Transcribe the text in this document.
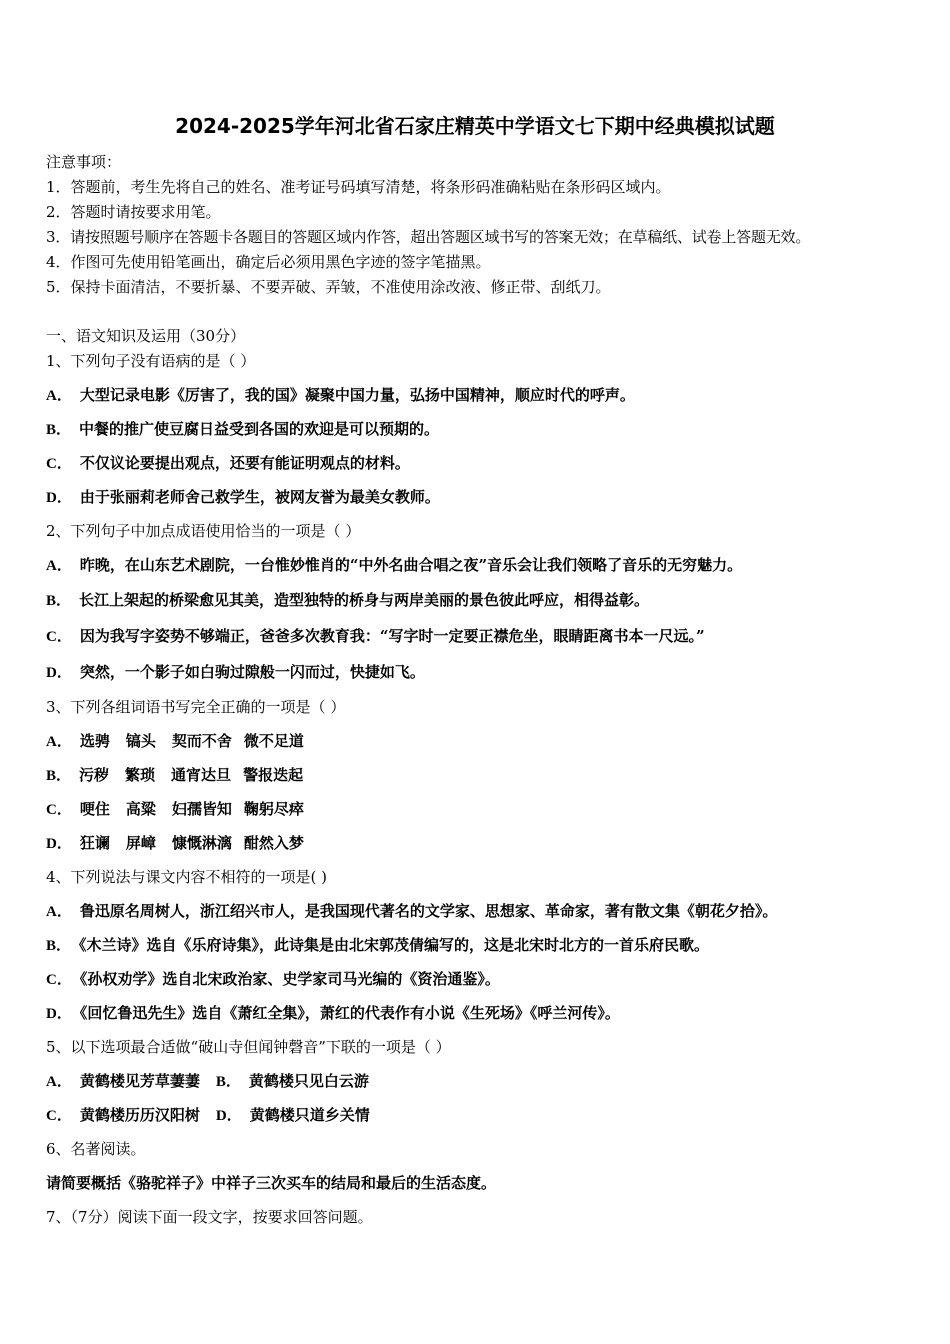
2024-2025学年河北省石家庄精英中学语文七下期中经典模拟试题
注意事项：
1．答题前，考生先将自己的姓名、准考证号码填写清楚，将条形码准确粘贴在条形码区域内。
2．答题时请按要求用笔。
3．请按照题号顺序在答题卡各题目的答题区域内作答，超出答题区域书写的答案无效；在草稿纸、试卷上答题无效。
4．作图可先使用铅笔画出，确定后必须用黑色字迹的签字笔描黑。
5．保持卡面清洁，不要折暴、不要弄破、弄皱，不准使用涂改液、修正带、刮纸刀。
一、语文知识及运用（30分）
1、下列句子没有语病的是（ ）
A． 大型记录电影《厉害了，我的国》凝聚中国力量，弘扬中国精神，顺应时代的呼声。
B． 中餐的推广使豆腐日益受到各国的欢迎是可以预期的。
C． 不仅议论要提出观点，还要有能证明观点的材料。
D． 由于张丽莉老师舍己救学生，被网友誉为最美女教师。
2、下列句子中加点成语使用恰当的一项是（ ）
A． 昨晚，在山东艺术剧院，一台惟妙惟肖的“中外名曲合唱之夜”音乐会让我们领略了音乐的无穷魅力。
B． 长江上架起的桥梁愈见其美，造型独特的桥身与两岸美丽的景色彼此呼应，相得益彰。
C． 因为我写字姿势不够端正，爸爸多次教育我：“写字时一定要正襟危坐，眼睛距离书本一尺远。”
D． 突然，一个影子如白驹过隙般一闪而过，快捷如飞。
3、下列各组词语书写完全正确的一项是（ ）
A． 选骋 镐头 契而不舍 微不足道
B． 污秽 繁琐 通宵达旦 警报迭起
C． 哽住 高粱 妇孺皆知 鞠躬尽瘁
D． 狂谰 屏嶂 慷慨淋漓 酣然入梦
4、下列说法与课文内容不相符的一项是( )
A． 鲁迅原名周树人，浙江绍兴市人，是我国现代著名的文学家、思想家、革命家，著有散文集《朝花夕拾》。
B． 《木兰诗》选自《乐府诗集》，此诗集是由北宋郭茂倩编写的，这是北宋时北方的一首乐府民歌。
C． 《孙权劝学》选自北宋政治家、史学家司马光编的《资治通鉴》。
D． 《回忆鲁迅先生》选自《萧红全集》，萧红的代表作有小说《生死场》《呼兰河传》。
5、以下选项最合适做“破山寺但闻钟磬音”下联的一项是（ ）
A． 黄鹤楼见芳草萋萋 B． 黄鹤楼只见白云游
C． 黄鹤楼历历汉阳树 D． 黄鹤楼只道乡关情
6、名著阅读。
请简要概括《骆驼祥子》中祥子三次买车的结局和最后的生活态度。
7、（7分）阅读下面一段文字，按要求回答问题。
